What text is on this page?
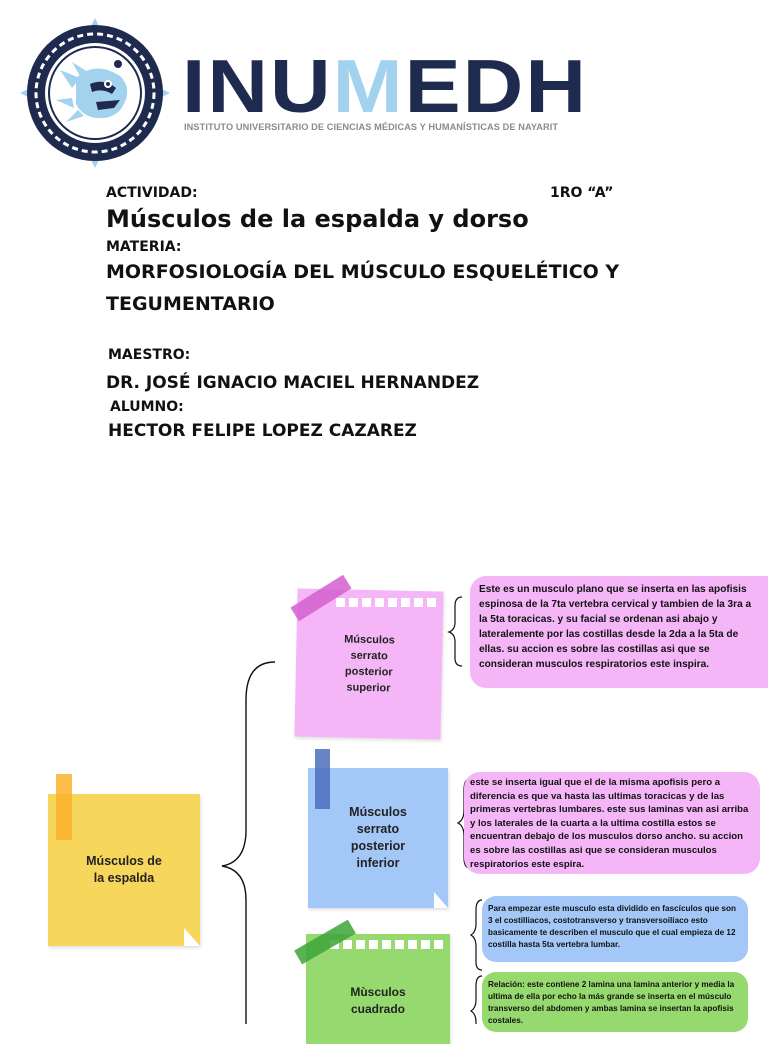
INUMEDH
INSTITUTO UNIVERSITARIO DE CIENCIAS MÉDICAS Y HUMANÍSTICAS DE NAYARIT
ACTIVIDAD:	1RO “A”
Músculos de la espalda y dorso
MATERIA:
MORFOSIOLOGÍA DEL MÚSCULO ESQUELÉTICO Y
TEGUMENTARIO
MAESTRO:
DR. JOSÉ IGNACIO MACIEL HERNANDEZ
ALUMNO:
HECTOR FELIPE LOPEZ CAZAREZ
Músculos de
la espalda
Músculos
serrato
posterior
superior
Músculos
serrato
posterior
inferior
Mùsculos
cuadrado
Este es un musculo plano que se inserta en las apofisis espinosa de la 7ta vertebra cervical y tambien de la 3ra a la 5ta toracicas. y su facial se ordenan asi abajo y lateralemente por las costillas desde la 2da a la 5ta de ellas. su accion es sobre las costillas asi que se consideran musculos respiratorios este inspira.
este se inserta igual que el de la misma apofisis pero a diferencia es que va hasta las ultimas toracicas y de las primeras vertebras lumbares. este sus laminas van asi arriba y los laterales de la cuarta a la ultima costilla estos se encuentran debajo de los musculos dorso ancho. su accion es sobre las costillas asi que se consideran musculos respiratorios este espira.
Para empezar este musculo esta dividido en fascículos que son 3 el costilliacos, costotransverso y transversoiliaco esto basicamente te describen el musculo que el cual empieza de 12 costilla hasta 5ta vertebra lumbar.
Relación: este contiene 2 lamina una lamina anterior y media la ultima de ella por echo la más grande se inserta en el músculo transverso del abdomen y ambas lamina se insertan la apofisis costales.
